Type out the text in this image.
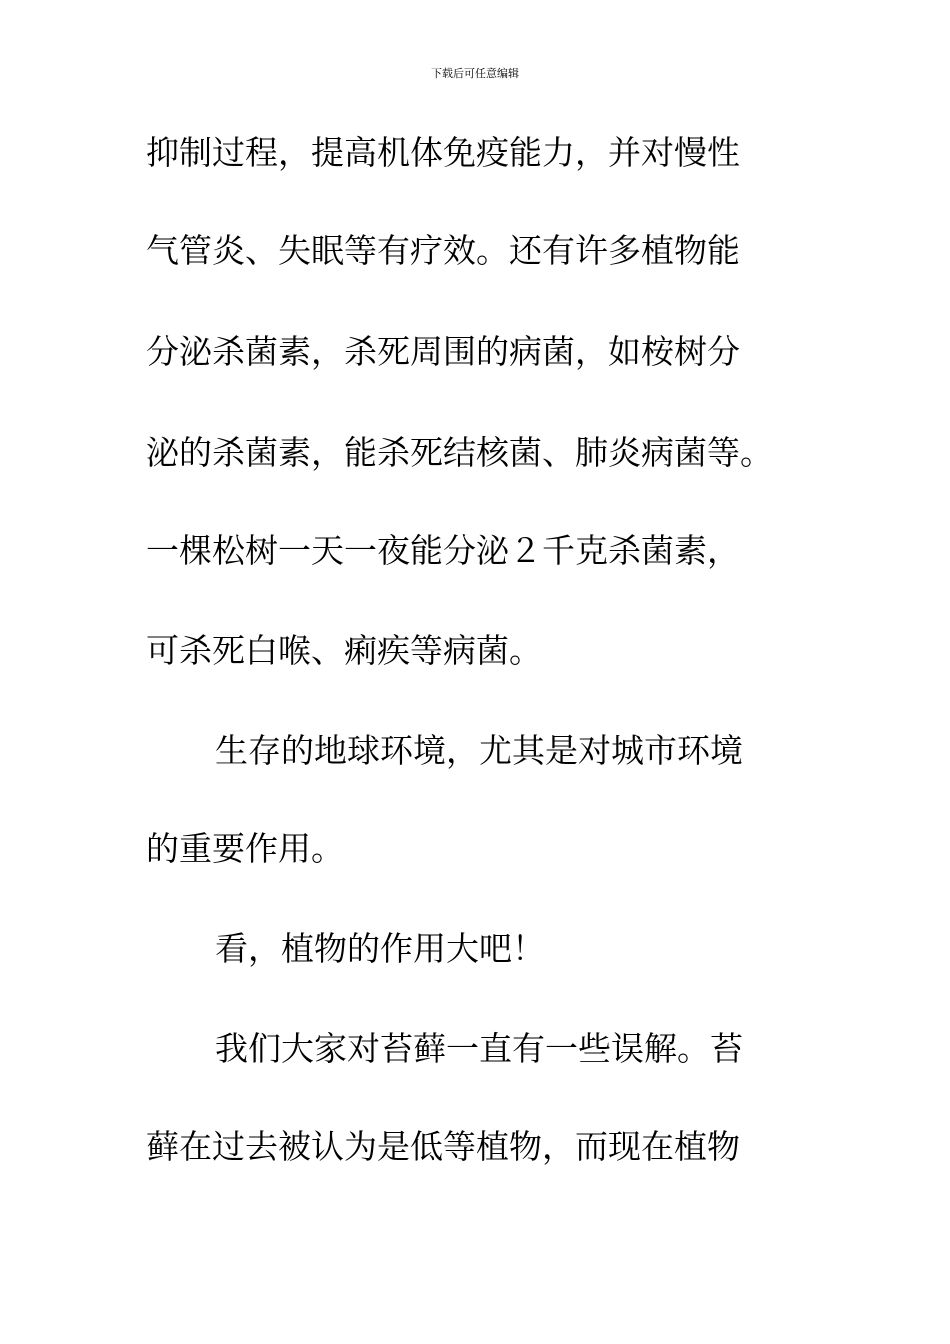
下载后可任意编辑
抑制过程，提高机体免疫能力，并对慢性
气管炎、失眠等有疗效。还有许多植物能
分泌杀菌素，杀死周围的病菌，如桉树分
泌的杀菌素，能杀死结核菌、肺炎病菌等。
一棵松树一天一夜能分泌２千克杀菌素，
可杀死白喉、痢疾等病菌。
生存的地球环境，尤其是对城市环境
的重要作用。
看，植物的作用大吧！
我们大家对苔藓一直有一些误解。苔
藓在过去被认为是低等植物，而现在植物
